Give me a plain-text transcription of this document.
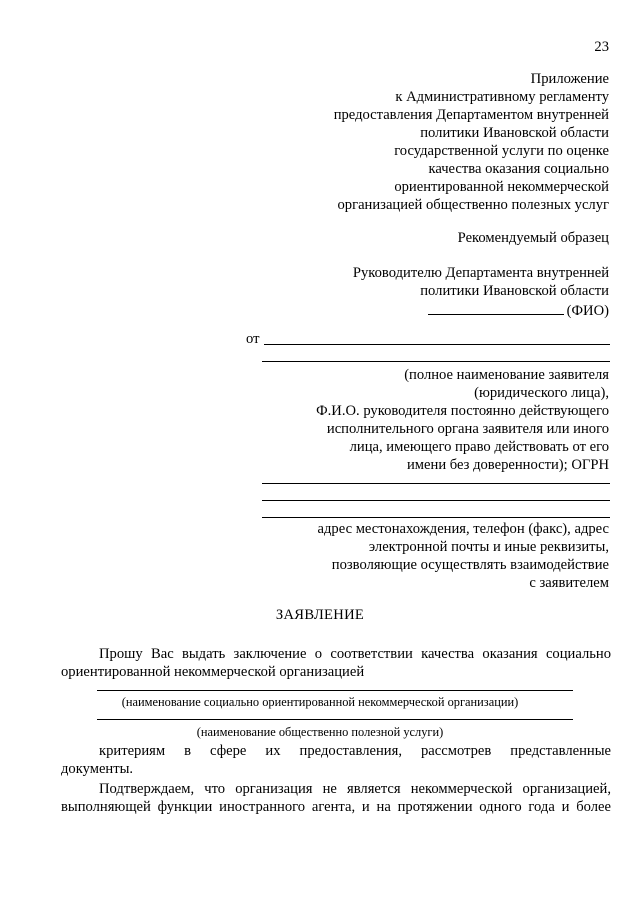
23
Приложение
к Административному регламенту
предоставления Департаментом внутренней
политики Ивановской области
государственной услуги по оценке
качества оказания социально
ориентированной некоммерческой
организацией общественно полезных услуг
Рекомендуемый образец
Руководителю Департамента внутренней
политики Ивановской области
(ФИО)
от
(полное наименование заявителя
(юридического лица),
Ф.И.О. руководителя постоянно действующего
исполнительного органа заявителя или иного
лица, имеющего право действовать от его
имени без доверенности); ОГРН
адрес местонахождения, телефон (факс), адрес
электронной почты и иные реквизиты,
позволяющие осуществлять взаимодействие
с заявителем
ЗАЯВЛЕНИЕ
Прошу Вас выдать заключение о соответствии качества оказания социально
ориентированной некоммерческой организацией
(наименование социально ориентированной некоммерческой организации)
(наименование общественно полезной услуги)
критериям в сфере их предоставления, рассмотрев представленные
документы.
Подтверждаем, что организация не является некоммерческой организацией,
выполняющей функции иностранного агента, и на протяжении одного года и более
